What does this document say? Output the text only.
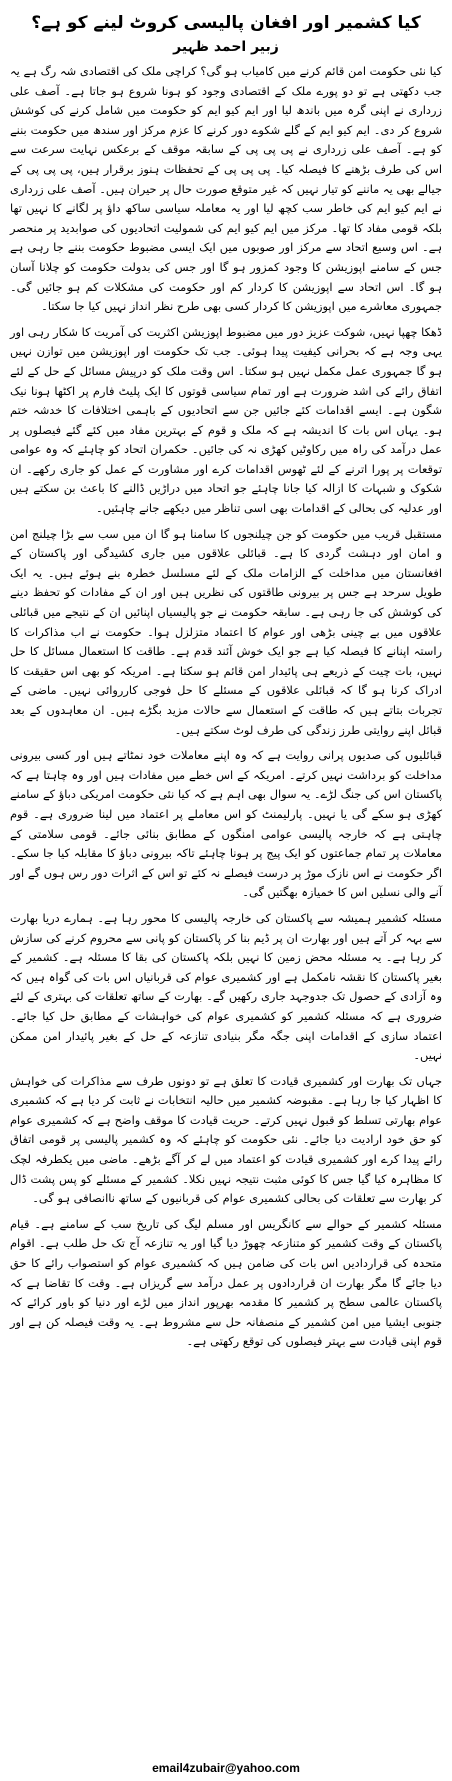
کیا کشمیر اور افغان پالیسی کروٹ لینے کو ہے؟
زبیر احمد ظہیر

کیا نئی حکومت امن قائم کرنے میں کامیاب ہو گی؟ کراچی ملک کی اقتصادی شہ رگ ہے یہ جب دکھتی ہے تو دو پورے ملک کے اقتصادی وجود کو ہونا شروع ہو جاتا ہے۔ آصف علی زرداری نے اپنی گرہ میں باندھ لیا اور ایم کیو ایم کو حکومت میں شامل کرنے کی کوشش شروع کر دی۔ ایم کیو ایم کے گلے شکوے دور کرنے کا عزم مرکز اور سندھ میں حکومت بننے کو ہے۔ آصف علی زرداری نے پی پی پی کے سابقہ موقف کے برعکس نہایت سرعت سے اس کی طرف بڑھنے کا فیصلہ کیا۔ پی پی پی کے تحفظات ہنوز برقرار ہیں، پی پی پی کے جیالے بھی یہ ماننے کو تیار نہیں کہ غیر متوقع صورت حال پر حیران ہیں۔ آصف علی زرداری نے ایم کیو ایم کی خاطر سب کچھ لیا اور یہ معاملہ سیاسی ساکھ داؤ پر لگانے کا نہیں تھا بلکہ قومی مفاد کا تھا۔ مرکز میں ایم کیو ایم کی شمولیت اتحادیوں کی صوابدید پر منحصر ہے۔ اس وسیع اتحاد سے مرکز اور صوبوں میں ایک ایسی مضبوط حکومت بننے جا رہی ہے جس کے سامنے اپوزیشن کا وجود کمزور ہو گا اور جس کی بدولت حکومت کو چلانا آسان ہو گا۔ اس اتحاد سے اپوزیشن کا کردار کم اور حکومت کی مشکلات کم ہو جائیں گی۔ جمہوری معاشرے میں اپوزیشن کا کردار کسی بھی طرح نظر انداز نہیں کیا جا سکتا۔

ڈھکا چھپا نہیں، شوکت عزیز دور میں مضبوط اپوزیشن اکثریت کی آمریت کا شکار رہی اور یہی وجہ ہے کہ بحرانی کیفیت پیدا ہوئی۔ جب تک حکومت اور اپوزیشن میں توازن نہیں ہو گا جمہوری عمل مکمل نہیں ہو سکتا۔ اس وقت ملک کو درپیش مسائل کے حل کے لئے اتفاق رائے کی اشد ضرورت ہے اور تمام سیاسی قوتوں کا ایک پلیٹ فارم پر اکٹھا ہونا نیک شگون ہے۔ ایسے اقدامات کئے جائیں جن سے اتحادیوں کے باہمی اختلافات کا خدشہ ختم ہو۔ یہاں اس بات کا اندیشہ ہے کہ ملک و قوم کے بہترین مفاد میں کئے گئے فیصلوں پر عمل درآمد کی راہ میں رکاوٹیں کھڑی نہ کی جائیں۔ حکمران اتحاد کو چاہئے کہ وہ عوامی توقعات پر پورا اترنے کے لئے ٹھوس اقدامات کرے اور مشاورت کے عمل کو جاری رکھے۔ ان شکوک و شبہات کا ازالہ کیا جانا چاہئے جو اتحاد میں دراڑیں ڈالنے کا باعث بن سکتے ہیں اور عدلیہ کی بحالی کے اقدامات بھی اسی تناظر میں دیکھے جانے چاہئیں۔

مستقبل قریب میں حکومت کو جن چیلنجوں کا سامنا ہو گا ان میں سب سے بڑا چیلنج امن و امان اور دہشت گردی کا ہے۔ قبائلی علاقوں میں جاری کشیدگی اور پاکستان کے افغانستان میں مداخلت کے الزامات ملک کے لئے مسلسل خطرہ بنے ہوئے ہیں۔ یہ ایک طویل سرحد ہے جس پر بیرونی طاقتوں کی نظریں ہیں اور ان کے مفادات کو تحفظ دینے کی کوشش کی جا رہی ہے۔ سابقہ حکومت نے جو پالیسیاں اپنائیں ان کے نتیجے میں قبائلی علاقوں میں بے چینی بڑھی اور عوام کا اعتماد متزلزل ہوا۔ حکومت نے اب مذاکرات کا راستہ اپنانے کا فیصلہ کیا ہے جو ایک خوش آئند قدم ہے۔ طاقت کا استعمال مسائل کا حل نہیں، بات چیت کے ذریعے ہی پائیدار امن قائم ہو سکتا ہے۔ امریکہ کو بھی اس حقیقت کا ادراک کرنا ہو گا کہ قبائلی علاقوں کے مسئلے کا حل فوجی کارروائی نہیں۔ ماضی کے تجربات بتاتے ہیں کہ طاقت کے استعمال سے حالات مزید بگڑے ہیں۔ ان معاہدوں کے بعد قبائل اپنے روایتی طرز زندگی کی طرف لوٹ سکتے ہیں۔

قبائلیوں کی صدیوں پرانی روایت ہے کہ وہ اپنے معاملات خود نمٹاتے ہیں اور کسی بیرونی مداخلت کو برداشت نہیں کرتے۔ امریکہ کے اس خطے میں مفادات ہیں اور وہ چاہتا ہے کہ پاکستان اس کی جنگ لڑے۔ یہ سوال بھی اہم ہے کہ کیا نئی حکومت امریکی دباؤ کے سامنے کھڑی ہو سکے گی یا نہیں۔ پارلیمنٹ کو اس معاملے پر اعتماد میں لینا ضروری ہے۔ قوم چاہتی ہے کہ خارجہ پالیسی عوامی امنگوں کے مطابق بنائی جائے۔ قومی سلامتی کے معاملات پر تمام جماعتوں کو ایک پیج پر ہونا چاہئے تاکہ بیرونی دباؤ کا مقابلہ کیا جا سکے۔ اگر حکومت نے اس نازک موڑ پر درست فیصلے نہ کئے تو اس کے اثرات دور رس ہوں گے اور آنے والی نسلیں اس کا خمیازہ بھگتیں گی۔

مسئلہ کشمیر ہمیشہ سے پاکستان کی خارجہ پالیسی کا محور رہا ہے۔ ہمارے دریا بھارت سے بہہ کر آتے ہیں اور بھارت ان پر ڈیم بنا کر پاکستان کو پانی سے محروم کرنے کی سازش کر رہا ہے۔ یہ مسئلہ محض زمین کا نہیں بلکہ پاکستان کی بقا کا مسئلہ ہے۔ کشمیر کے بغیر پاکستان کا نقشہ نامکمل ہے اور کشمیری عوام کی قربانیاں اس بات کی گواہ ہیں کہ وہ آزادی کے حصول تک جدوجہد جاری رکھیں گے۔ بھارت کے ساتھ تعلقات کی بہتری کے لئے ضروری ہے کہ مسئلہ کشمیر کو کشمیری عوام کی خواہشات کے مطابق حل کیا جائے۔ اعتماد سازی کے اقدامات اپنی جگہ مگر بنیادی تنازعہ کے حل کے بغیر پائیدار امن ممکن نہیں۔

جہاں تک بھارت اور کشمیری قیادت کا تعلق ہے تو دونوں طرف سے مذاکرات کی خواہش کا اظہار کیا جا رہا ہے۔ مقبوضہ کشمیر میں حالیہ انتخابات نے ثابت کر دیا ہے کہ کشمیری عوام بھارتی تسلط کو قبول نہیں کرتے۔ حریت قیادت کا موقف واضح ہے کہ کشمیری عوام کو حق خود ارادیت دیا جائے۔ نئی حکومت کو چاہئے کہ وہ کشمیر پالیسی پر قومی اتفاق رائے پیدا کرے اور کشمیری قیادت کو اعتماد میں لے کر آگے بڑھے۔ ماضی میں یکطرفہ لچک کا مظاہرہ کیا گیا جس کا کوئی مثبت نتیجہ نہیں نکلا۔ کشمیر کے مسئلے کو پس پشت ڈال کر بھارت سے تعلقات کی بحالی کشمیری عوام کی قربانیوں کے ساتھ ناانصافی ہو گی۔

مسئلہ کشمیر کے حوالے سے کانگریس اور مسلم لیگ کی تاریخ سب کے سامنے ہے۔ قیام پاکستان کے وقت کشمیر کو متنازعہ چھوڑ دیا گیا اور یہ تنازعہ آج تک حل طلب ہے۔ اقوام متحدہ کی قراردادیں اس بات کی ضامن ہیں کہ کشمیری عوام کو استصواب رائے کا حق دیا جائے گا مگر بھارت ان قراردادوں پر عمل درآمد سے گریزاں ہے۔ وقت کا تقاضا ہے کہ پاکستان عالمی سطح پر کشمیر کا مقدمہ بھرپور انداز میں لڑے اور دنیا کو باور کرائے کہ جنوبی ایشیا میں امن کشمیر کے منصفانہ حل سے مشروط ہے۔ یہ وقت فیصلہ کن ہے اور قوم اپنی قیادت سے بہتر فیصلوں کی توقع رکھتی ہے۔

email4zubair@yahoo.com
